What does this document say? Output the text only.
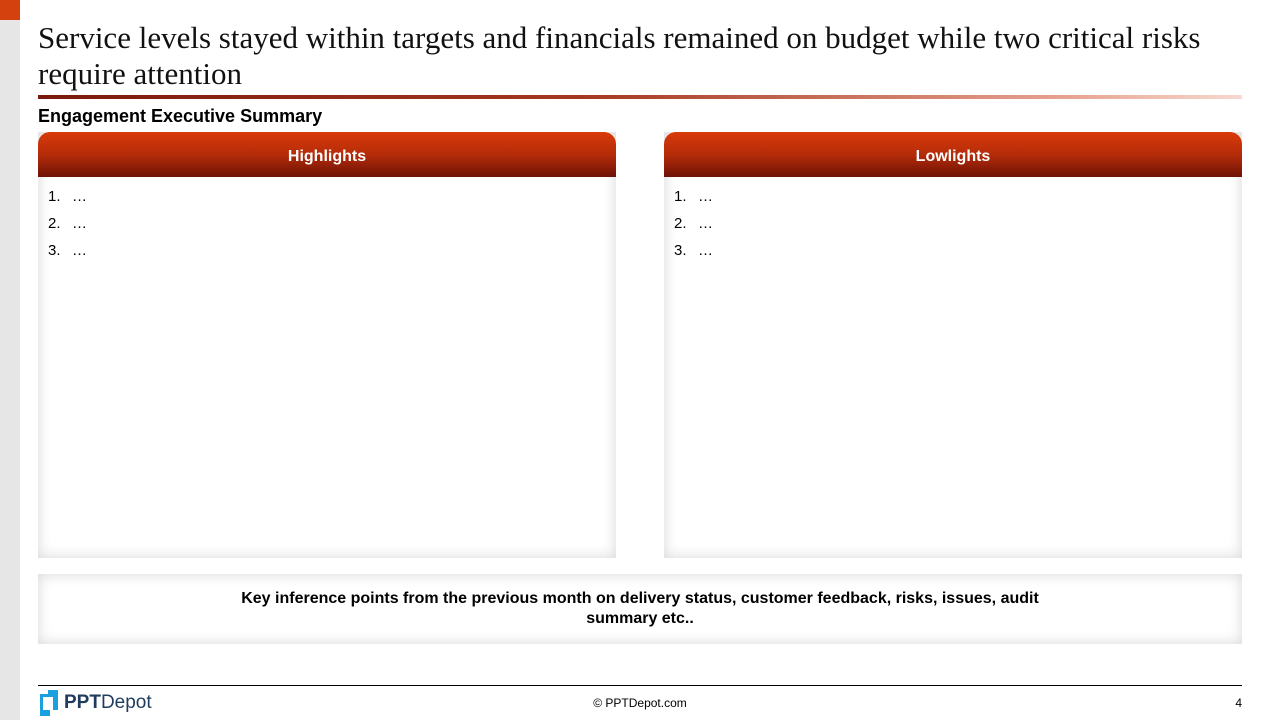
Service levels stayed within targets and financials remained on budget while two critical risks require attention
Engagement Executive Summary
Highlights
1. …
2. …
3. …
Lowlights
1. …
2. …
3. …
Key inference points from the previous month on delivery status, customer feedback, risks, issues, audit summary etc..
PPTDepot	© PPTDepot.com	4
